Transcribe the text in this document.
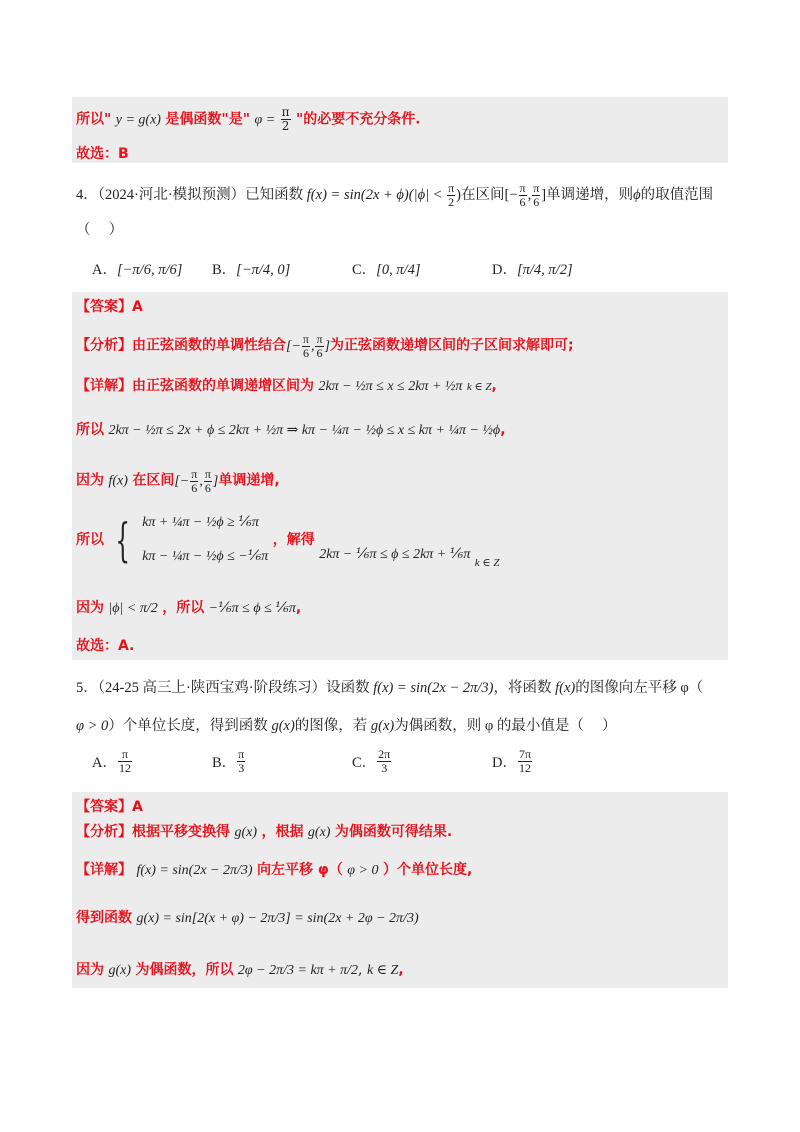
所以" y = g(x) 是偶函数"是" $\varphi = \frac{\pi}{2}$ "的必要不充分条件.
故选：B
4．（2024·河北·模拟预测）已知函数 $f(x) = \sin(2x + \phi)(|\phi| < \frac{\pi}{2}$ )在区间[− $\frac{\pi}{6}$ , $\frac{\pi}{6}$ ]单调递增，则ϕ的取值范围
（　 ）
A．[−π/6, π/6] B．[−π/4, 0]	C．[0, π/4]	D．[π/4, π/2]
【答案】A
【分析】由正弦函数的单调性结合[− $\frac{\pi}{6}$ , $\frac{\pi}{6}$ ]为正弦函数递增区间的子区间求解即可;
【详解】由正弦函数的单调递增区间为 2kπ − ½π ≤ x ≤ 2kπ + ½π k ∈ Z,
所以 2kπ − ½π ≤ 2x + ϕ ≤ 2kπ + ½π ⇒ kπ − ¼π − ½ϕ ≤ x ≤ kπ + ¼π − ½ϕ,
因为 f(x) 在区间[− $\frac{\pi}{6}$ , $\frac{\pi}{6}$ ]单调递增,
所以 { kπ + ¼π − ½ϕ ≥ ⅙π
kπ − ¼π − ½ϕ ≤ −⅙π
，解得 2kπ − ⅙π ≤ ϕ ≤ 2kπ + ⅙π $_{k \in Z}$
因为 |ϕ| < π/2 ，所以 −⅙π ≤ ϕ ≤ ⅙π,
故选：A.
5．（24-25 高三上·陕西宝鸡·阶段练习）设函数 f(x) = sin(2x − 2π/3)，将函数 f(x)的图像向左平移 φ（
φ > 0）个单位长度，得到函数 g(x)的图像，若 g(x)为偶函数，则 φ 的最小值是（　 ）
A． $\frac{\pi}{12}$	B． $\frac{\pi}{3}$	C． $\frac{2\pi}{3}$	D． $\frac{7\pi}{12}$
【答案】A
【分析】根据平移变换得 g(x) ，根据 g(x) 为偶函数可得结果.
【详解】 f(x) = sin(2x − 2π/3) 向左平移 φ（ φ > 0 ）个单位长度,
得到函数 g(x) = sin[2(x + φ) − 2π/3] = sin(2x + 2φ − 2π/3)
因为 g(x) 为偶函数，所以 2φ − 2π/3 = kπ + π/2, k ∈ Z,
